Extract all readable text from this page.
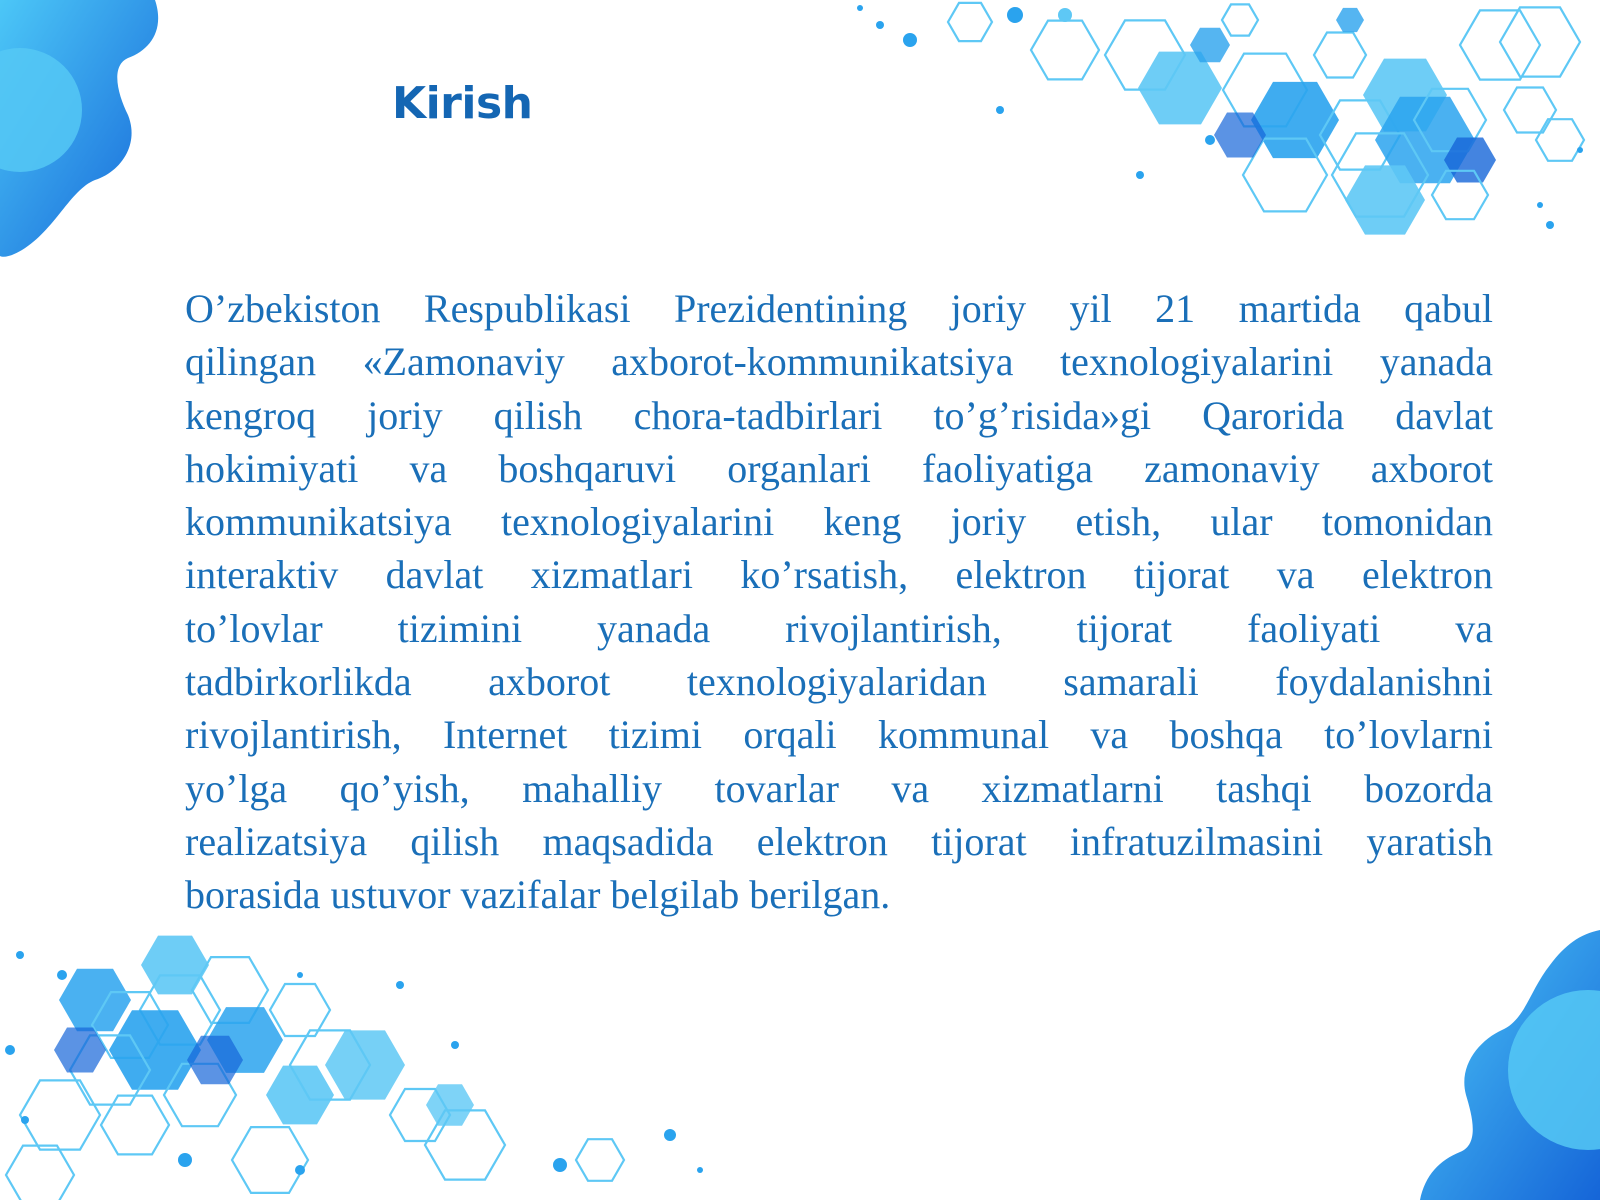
Kirish
O’zbekiston Respublikasi Prezidentining joriy yil 21 martida qabul
qilingan «Zamonaviy axborot-kommunikatsiya texnologiyalarini yanada
kengroq joriy qilish chora-tadbirlari to’g’risida»gi Qarorida davlat
hokimiyati va boshqaruvi organlari faoliyatiga zamonaviy axborot
kommunikatsiya texnologiyalarini keng joriy etish, ular tomonidan
interaktiv davlat xizmatlari ko’rsatish, elektron tijorat va elektron
to’lovlar tizimini yanada rivojlantirish, tijorat faoliyati va
tadbirkorlikda axborot texnologiyalaridan samarali foydalanishni
rivojlantirish, Internet tizimi orqali kommunal va boshqa to’lovlarni
yo’lga qo’yish, mahalliy tovarlar va xizmatlarni tashqi bozorda
realizatsiya qilish maqsadida elektron tijorat infratuzilmasini yaratish
borasida ustuvor vazifalar belgilab berilgan.
